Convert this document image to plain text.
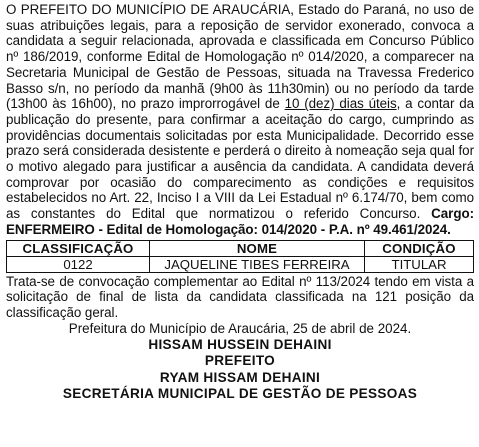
O PREFEITO DO MUNICÍPIO DE ARAUCÁRIA, Estado do Paraná, no uso de suas atribuições legais, para a reposição de servidor exonerado, convoca a candidata a seguir relacionada, aprovada e classificada em Concurso Público nº 186/2019, conforme Edital de Homologação nº 014/2020, a comparecer na Secretaria Municipal de Gestão de Pessoas, situada na Travessa Frederico Basso s/n, no período da manhã (9h00 às 11h30min) ou no período da tarde (13h00 às 16h00), no prazo improrrogável de 10 (dez) dias úteis, a contar da publicação do presente, para confirmar a aceitação do cargo, cumprindo as providências documentais solicitadas por esta Municipalidade. Decorrido esse prazo será considerada desistente e perderá o direito à nomeação seja qual for o motivo alegado para justificar a ausência da candidata. A candidata deverá comprovar por ocasião do comparecimento as condições e requisitos estabelecidos no Art. 22, Inciso I a VIII da Lei Estadual nº 6.174/70, bem como as constantes do Edital que normatizou o referido Concurso. Cargo: ENFERMEIRO - Edital de Homologação: 014/2020 - P.A. nº 49.461/2024.

CLASSIFICAÇÃO	NOME	CONDIÇÃO
0122	JAQUELINE TIBES FERREIRA	TITULAR

Trata-se de convocação complementar ao Edital nº 113/2024 tendo em vista a solicitação de final de lista da candidata classificada na 121 posição da classificação geral.

Prefeitura do Município de Araucária, 25 de abril de 2024.

HISSAM HUSSEIN DEHAINI

PREFEITO

RYAM HISSAM DEHAINI

SECRETÁRIA MUNICIPAL DE GESTÃO DE PESSOAS
